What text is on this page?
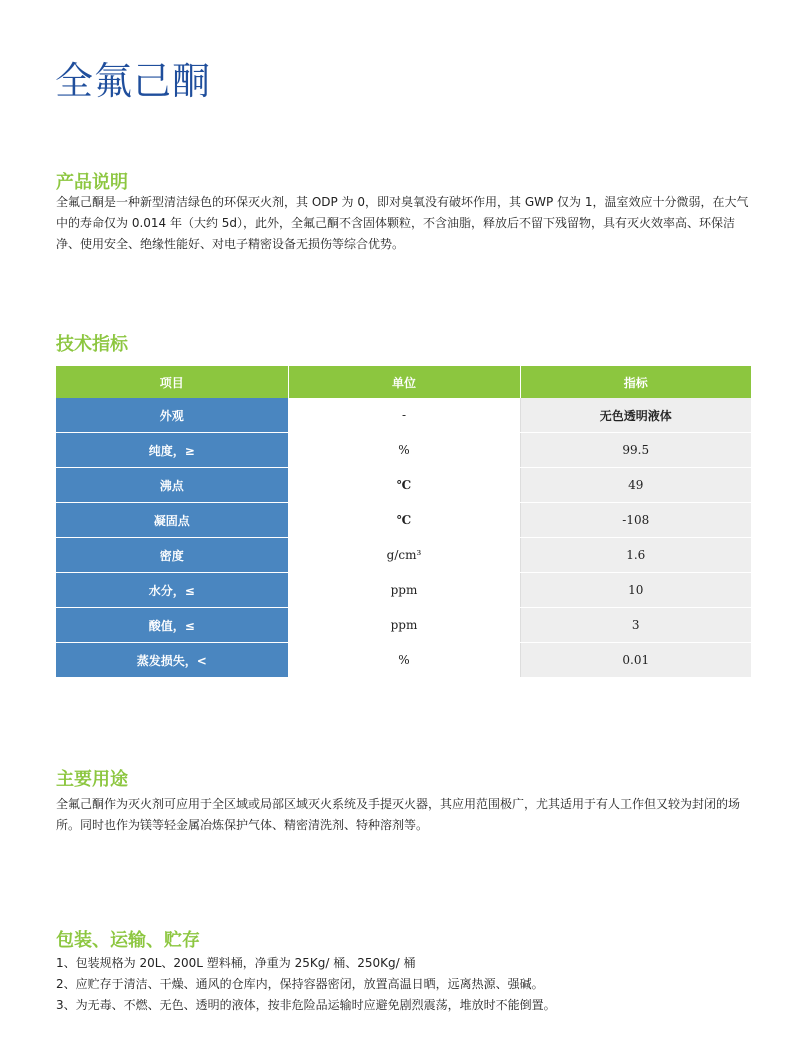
全氟己酮
产品说明

全氟己酮是一种新型清洁绿色的环保灭火剂，其 ODP 为 0，即对臭氧没有破坏作用，其 GWP 仅为 1，温室效应十分微弱，在大气中的寿命仅为 0.014 年（大约 5d），此外，全氟己酮不含固体颗粒，不含油脂，释放后不留下残留物，具有灭火效率高、环保洁净、使用安全、绝缘性能好、对电子精密设备无损伤等综合优势。

技术指标
项目	单位	指标
外观	-	无色透明液体
纯度，≥	%	99.5
沸点	℃	49
凝固点	℃	-108
密度	g/cm³	1.6
水分，≤	ppm	10
酸值，≤	ppm	3
蒸发损失，<	%	0.01
主要用途

全氟己酮作为灭火剂可应用于全区域或局部区域灭火系统及手提灭火器，其应用范围极广，尤其适用于有人工作但又较为封闭的场所。同时也作为镁等轻金属冶炼保护气体、精密清洗剂、特种溶剂等。

包装、运输、贮存

1、包装规格为 20L、200L 塑料桶，净重为 25Kg/ 桶、250Kg/ 桶

2、应贮存于清洁、干燥、通风的仓库内，保持容器密闭，放置高温日晒，远离热源、强碱。

3、为无毒、不燃、无色、透明的液体，按非危险品运输时应避免剧烈震荡，堆放时不能倒置。
